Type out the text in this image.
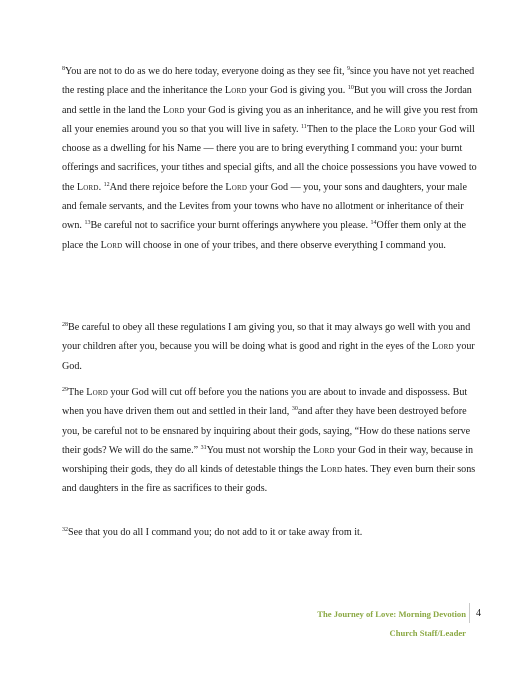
$^8$You are not to do as we do here today, everyone doing as they see fit, $^9$since you have not yet reached the resting place and the inheritance the Lord your God is giving you. $^{10}$But you will cross the Jordan and settle in the land the Lord your God is giving you as an inheritance, and he will give you rest from all your enemies around you so that you will live in safety. $^{11}$Then to the place the Lord your God will choose as a dwelling for his Name — there you are to bring everything I command you: your burnt offerings and sacrifices, your tithes and special gifts, and all the choice possessions you have vowed to the Lord. $^{12}$And there rejoice before the Lord your God — you, your sons and daughters, your male and female servants, and the Levites from your towns who have no allotment or inheritance of their own. $^{13}$Be careful not to sacrifice your burnt offerings anywhere you please. $^{14}$Offer them only at the place the Lord will choose in one of your tribes, and there observe everything I command you.
$^{28}$Be careful to obey all these regulations I am giving you, so that it may always go well with you and your children after you, because you will be doing what is good and right in the eyes of the Lord your God.
$^{29}$The Lord your God will cut off before you the nations you are about to invade and dispossess. But when you have driven them out and settled in their land, $^{30}$and after they have been destroyed before you, be careful not to be ensnared by inquiring about their gods, saying, “How do these nations serve their gods? We will do the same.” $^{31}$You must not worship the Lord your God in their way, because in worshiping their gods, they do all kinds of detestable things the Lord hates. They even burn their sons and daughters in the fire as sacrifices to their gods.
$^{32}$See that you do all I command you; do not add to it or take away from it.
The Journey of Love: Morning Devotion
Church Staff/Leader
4
